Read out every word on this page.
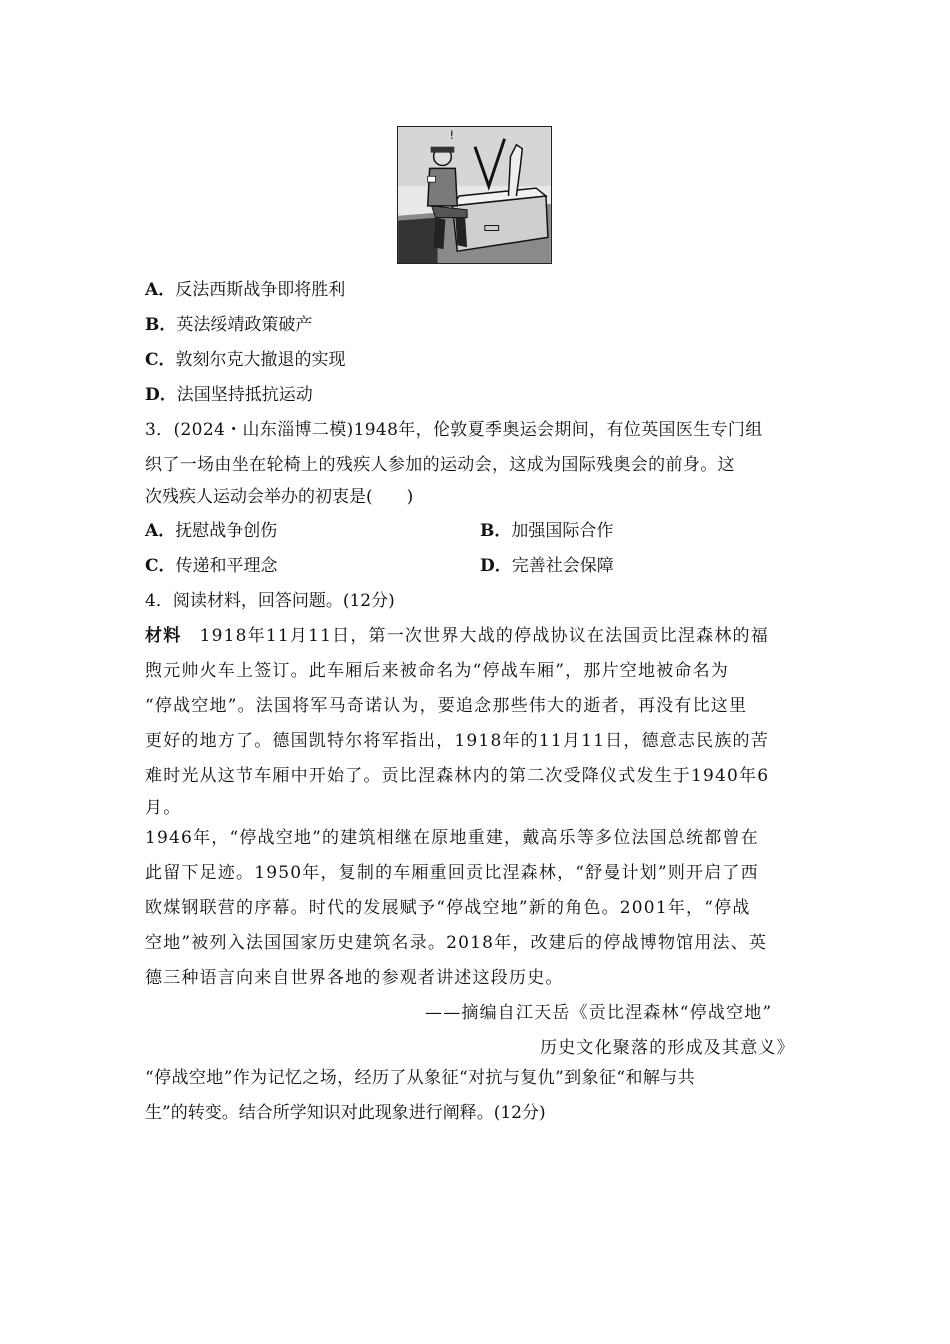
!
A．反法西斯战争即将胜利
B．英法绥靖政策破产
C．敦刻尔克大撤退的实现
D．法国坚持抵抗运动
3．(2024・山东淄博二模)1948年，伦敦夏季奥运会期间，有位英国医生专门组
织了一场由坐在轮椅上的残疾人参加的运动会，这成为国际残奥会的前身。这
次残疾人运动会举办的初衷是(　　)
A．抚慰战争创伤	B．加强国际合作
C．传递和平理念	D．完善社会保障
4．阅读材料，回答问题。(12分)
材料　 1918年11月11日，第一次世界大战的停战协议在法国贡比涅森林的福
煦元帅火车上签订。此车厢后来被命名为“停战车厢”，那片空地被命名为
“停战空地”。法国将军马奇诺认为，要追念那些伟大的逝者，再没有比这里
更好的地方了。德国凯特尔将军指出，1918年的11月11日，德意志民族的苦
难时光从这节车厢中开始了。贡比涅森林内的第二次受降仪式发生于1940年6
月。
1946年，“停战空地”的建筑相继在原地重建，戴高乐等多位法国总统都曾在
此留下足迹。1950年，复制的车厢重回贡比涅森林，“舒曼计划”则开启了西
欧煤钢联营的序幕。时代的发展赋予“停战空地”新的角色。2001年，“停战
空地”被列入法国国家历史建筑名录。2018年，改建后的停战博物馆用法、英
德三种语言向来自世界各地的参观者讲述这段历史。
——摘编自江天岳《贡比涅森林“停战空地”
历史文化聚落的形成及其意义》
“停战空地”作为记忆之场，经历了从象征“对抗与复仇”到象征“和解与共
生”的转变。结合所学知识对此现象进行阐释。(12分)
